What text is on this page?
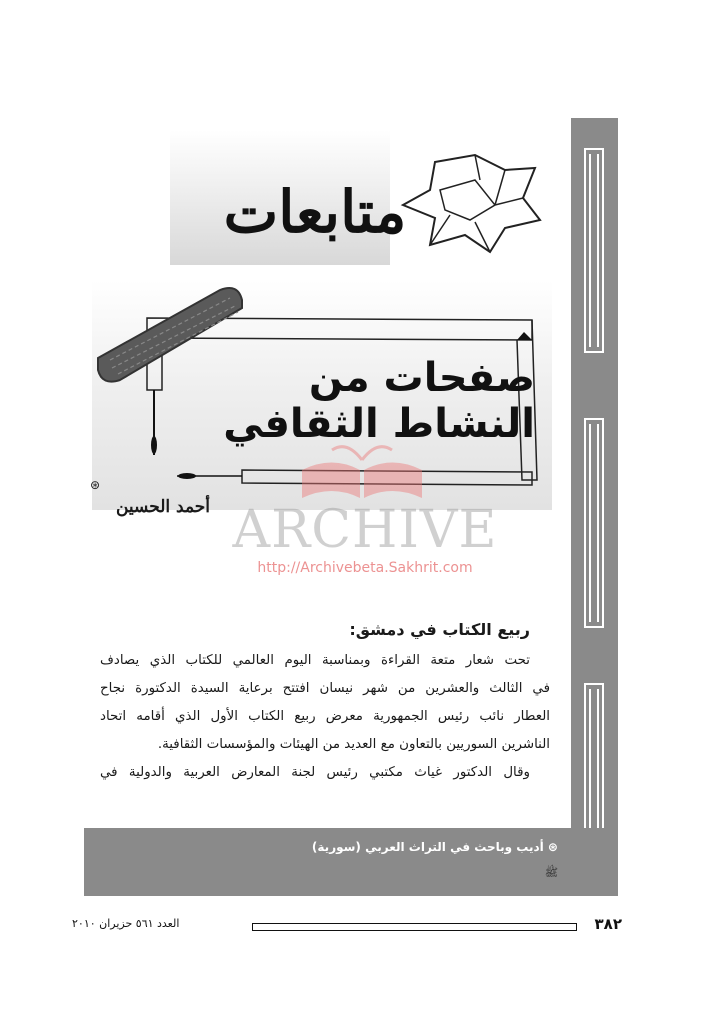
متابعات
صفحات من النشاط الثقافي
⊛
أحمد الحسين ARCHIVE
http://Archivebeta.Sakhrit.com
ربيع الكتاب في دمشق:
تحت شعار متعة القراءة وبمناسبة اليوم العالمي للكتاب الذي يصادف
في الثالث والعشرين من شهر نيسان افتتح برعاية السيدة الدكتورة نجاح
العطار نائب رئيس الجمهورية معرض ربيع الكتاب الأول الذي أقامه اتحاد
الناشرين السوريين بالتعاون مع العديد من الهيئات والمؤسسات الثقافية.
وقال الدكتور غياث مكتبي رئيس لجنة المعارض العربية والدولية في
⊛ أديب وباحث في التراث العربي (سورية)
ﷺ
العدد ٥٦١ حزيران ٢٠١٠	٣٨٢
